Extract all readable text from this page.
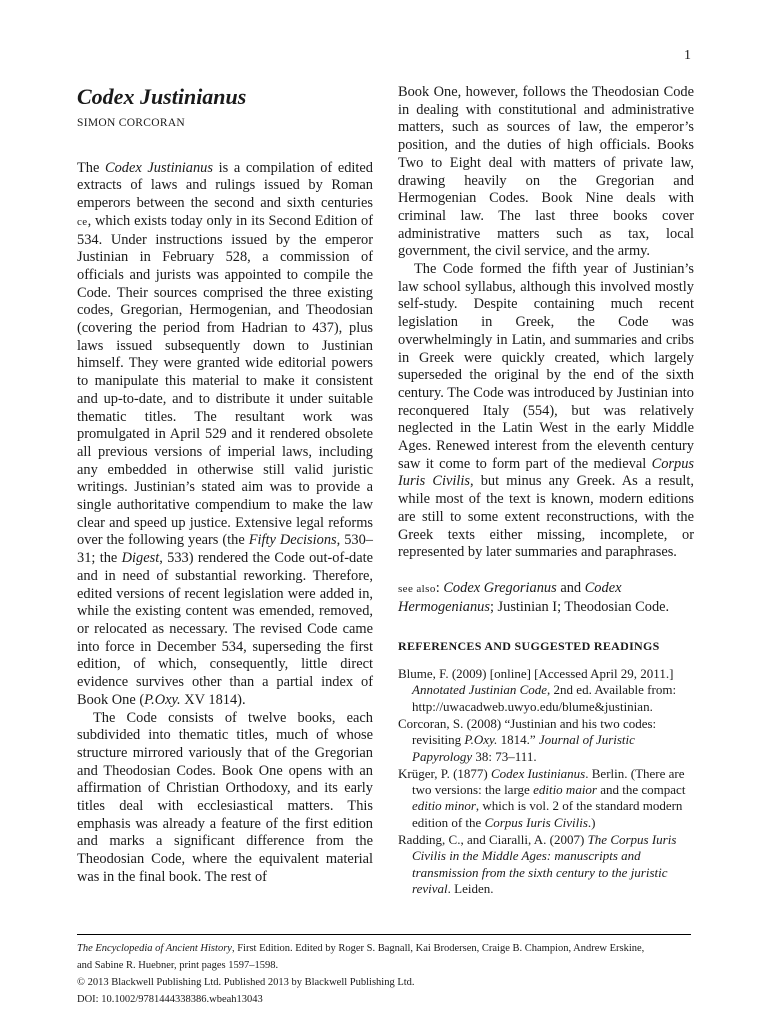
1
Codex Justinianus
SIMON CORCORAN

The Codex Justinianus is a compilation of edited extracts of laws and rulings issued by Roman emperors between the second and sixth centuries ce, which exists today only in its Second Edition of 534. Under instructions issued by the emperor Justinian in February 528, a commission of officials and jurists was appointed to compile the Code. Their sources comprised the three existing codes, Gregorian, Hermogenian, and Theodosian (covering the period from Hadrian to 437), plus laws issued subsequently down to Justinian himself. They were granted wide editorial powers to manipulate this material to make it consistent and up-to-date, and to distribute it under suitable thematic titles. The resultant work was promulgated in April 529 and it rendered obsolete all previous versions of imperial laws, including any embedded in otherwise still valid juristic writings. Justinian’s stated aim was to provide a single authoritative compendium to make the law clear and speed up justice. Extensive legal reforms over the following years (the Fifty Decisions, 530–31; the Digest, 533) rendered the Code out-of-date and in need of substantial reworking. Therefore, edited versions of recent legislation were added in, while the existing content was emended, removed, or relocated as necessary. The revised Code came into force in December 534, superseding the first edition, of which, consequently, little direct evidence survives other than a partial index of Book One (P.Oxy. XV 1814).

The Code consists of twelve books, each subdivided into thematic titles, much of whose structure mirrored variously that of the Gregorian and Theodosian Codes. Book One opens with an affirmation of Christian Orthodoxy, and its early titles deal with ecclesiastical matters. This emphasis was already a feature of the first edition and marks a significant difference from the Theodosian Code, where the equivalent material was in the final book. The rest of

Book One, however, follows the Theodosian Code in dealing with constitutional and administrative matters, such as sources of law, the emperor’s position, and the duties of high officials. Books Two to Eight deal with matters of private law, drawing heavily on the Gregorian and Hermogenian Codes. Book Nine deals with criminal law. The last three books cover administrative matters such as tax, local government, the civil service, and the army.

The Code formed the fifth year of Justinian’s law school syllabus, although this involved mostly self-study. Despite containing much recent legislation in Greek, the Code was overwhelmingly in Latin, and summaries and cribs in Greek were quickly created, which largely superseded the original by the end of the sixth century. The Code was introduced by Justinian into reconquered Italy (554), but was relatively neglected in the Latin West in the early Middle Ages. Renewed interest from the eleventh century saw it come to form part of the medieval Corpus Iuris Civilis, but minus any Greek. As a result, while most of the text is known, modern editions are still to some extent reconstructions, with the Greek texts either missing, incomplete, or represented by later summaries and paraphrases.

see also: Codex Gregorianus and Codex Hermogenianus; Justinian I; Theodosian Code.

REFERENCES AND SUGGESTED READINGS
Blume, F. (2009) [online] [Accessed April 29, 2011.] Annotated Justinian Code, 2nd ed. Available from: http://uwacadweb.uwyo.edu/blume&justinian.
Corcoran, S. (2008) “Justinian and his two codes: revisiting P.Oxy. 1814.” Journal of Juristic Papyrology 38: 73–111.
Krüger, P. (1877) Codex Iustinianus. Berlin. (There are two versions: the large editio maior and the compact editio minor, which is vol. 2 of the standard modern edition of the Corpus Iuris Civilis.)
Radding, C., and Ciaralli, A. (2007) The Corpus Iuris Civilis in the Middle Ages: manuscripts and transmission from the sixth century to the juristic revival. Leiden.
The Encyclopedia of Ancient History, First Edition. Edited by Roger S. Bagnall, Kai Brodersen, Craige B. Champion, Andrew Erskine,
and Sabine R. Huebner, print pages 1597–1598.
© 2013 Blackwell Publishing Ltd. Published 2013 by Blackwell Publishing Ltd.
DOI: 10.1002/9781444338386.wbeah13043
